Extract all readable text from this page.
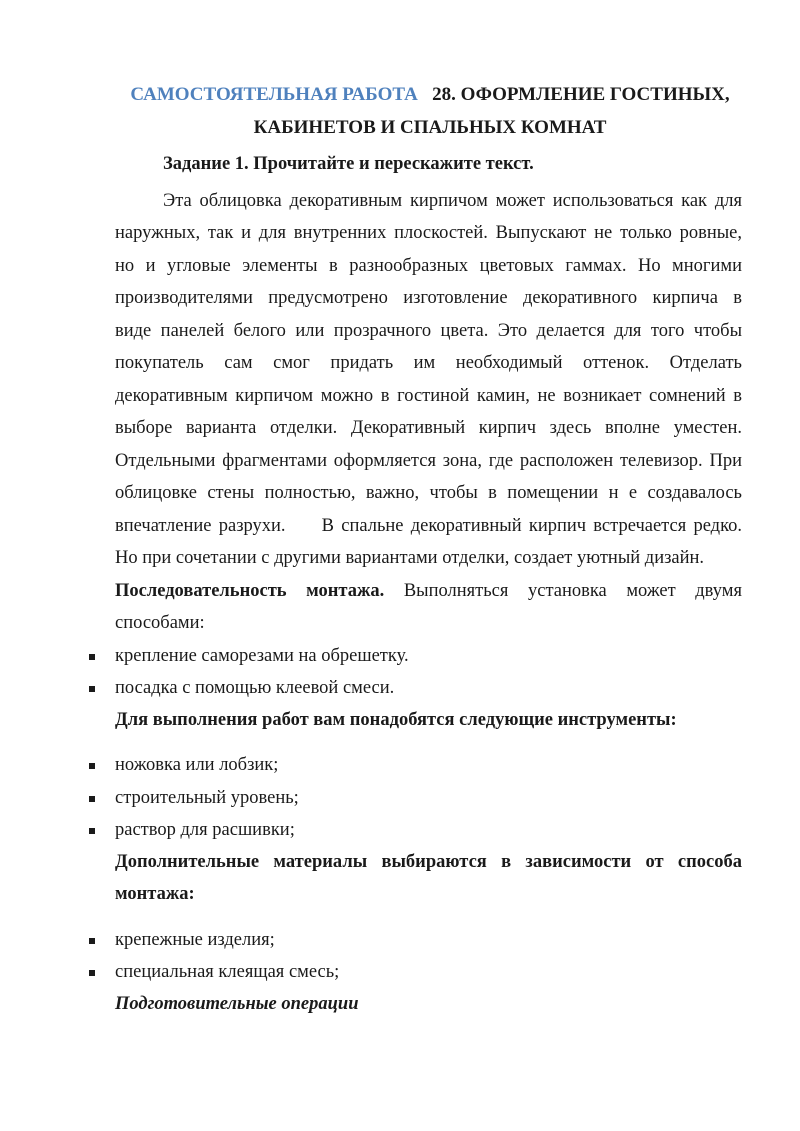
САМОСТОЯТЕЛЬНАЯ РАБОТА 28. ОФОРМЛЕНИЕ ГОСТИНЫХ,
КАБИНЕТОВ И СПАЛЬНЫХ КОМНАТ
Задание 1. Прочитайте и перескажите текст.
Эта облицовка декоративным кирпичом может использоваться как для
наружных, так и для внутренних плоскостей. Выпускают не только ровные,
но и угловые элементы в разнообразных цветовых гаммах. Но многими
производителями предусмотрено изготовление декоративного кирпича в
виде панелей белого или прозрачного цвета. Это делается для того чтобы
покупатель сам смог придать им необходимый оттенок. Отделать
декоративным кирпичом можно в гостиной камин, не возникает сомнений в
выборе варианта отделки. Декоративный кирпич здесь вполне уместен.
Отдельными фрагментами оформляется зона, где расположен телевизор. При
облицовке стены полностью, важно, чтобы в помещении н е создавалось
впечатление разрухи.     В спальне декоративный кирпич встречается редко.
Но при сочетании с другими вариантами отделки, создает уютный дизайн.
Последовательность монтажа. Выполняться установка может двумя
способами:
крепление саморезами на обрешетку.
посадка с помощью клеевой смеси.
Для выполнения работ вам понадобятся следующие инструменты:
ножовка или лобзик;
строительный уровень;
раствор для расшивки;
Дополнительные материалы выбираются в зависимости от способа
монтажа:
крепежные изделия;
специальная клеящая смесь;
Подготовительные операции
